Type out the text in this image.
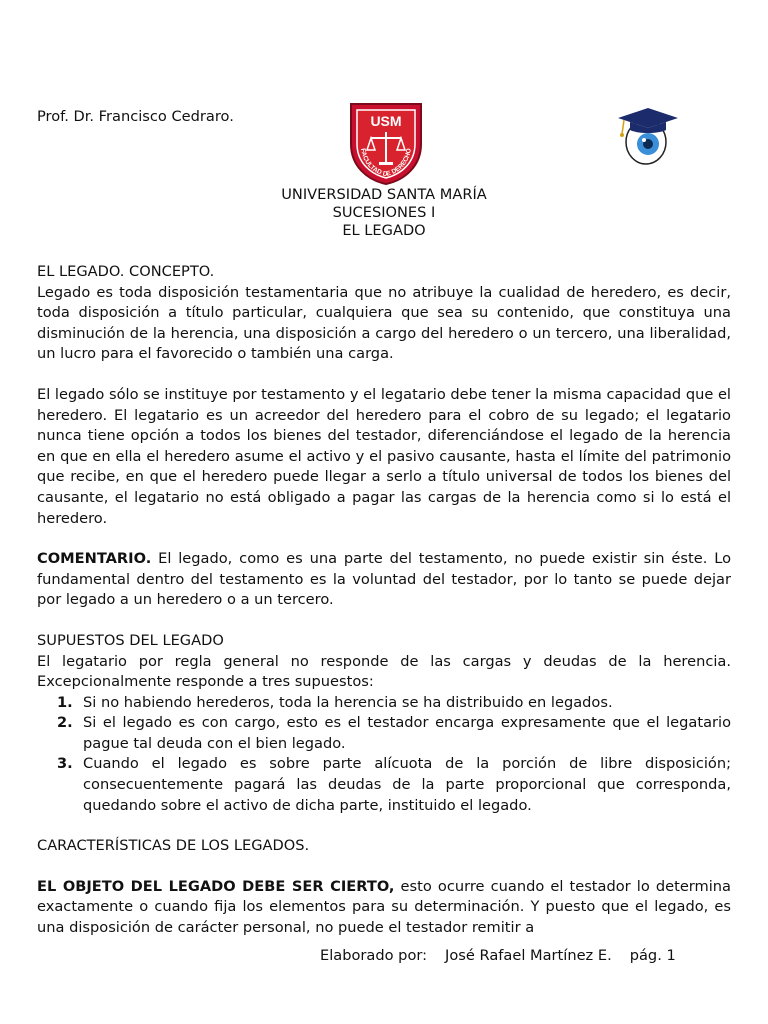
Prof. Dr. Francisco Cedraro.	USM
FACULTAD DE DERECHO
UNIVERSIDAD SANTA MARÍA
SUCESIONES I
EL LEGADO
EL LEGADO. CONCEPTO.

Legado es toda disposición testamentaria que no atribuye la cualidad de heredero, es decir, toda disposición a título particular, cualquiera que sea su contenido, que constituya una disminución de la herencia, una disposición a cargo del heredero o un tercero, una liberalidad, un lucro para el favorecido o también una carga.

El legado sólo se instituye por testamento y el legatario debe tener la misma capacidad que el heredero. El legatario es un acreedor del heredero para el cobro de su legado; el legatario nunca tiene opción a todos los bienes del testador, diferenciándose el legado de la herencia en que en ella el heredero asume el activo y el pasivo causante, hasta el límite del patrimonio que recibe, en que el heredero puede llegar a serlo a título universal de todos los bienes del causante, el legatario no está obligado a pagar las cargas de la herencia como si lo está el heredero.

COMENTARIO. El legado, como es una parte del testamento, no puede existir sin éste. Lo fundamental dentro del testamento es la voluntad del testador, por lo tanto se puede dejar por legado a un heredero o a un tercero.

SUPUESTOS DEL LEGADO

El legatario por regla general no responde de las cargas y deudas de la herencia. Excepcionalmente responde a tres supuestos:

1. Si no habiendo herederos, toda la herencia se ha distribuido en legados.
2. Si el legado es con cargo, esto es el testador encarga expresamente que el legatario pague tal deuda con el bien legado.
3. Cuando el legado es sobre parte alícuota de la porción de libre disposición; consecuentemente pagará las deudas de la parte proporcional que corresponda, quedando sobre el activo de dicha parte, instituido el legado.
CARACTERÍSTICAS DE LOS LEGADOS.

EL OBJETO DEL LEGADO DEBE SER CIERTO, esto ocurre cuando el testador lo determina exactamente o cuando fija los elementos para su determinación. Y puesto que el legado, es una disposición de carácter personal, no puede el testador remitir a

Elaborado por: José Rafael Martínez E. pág. 1
